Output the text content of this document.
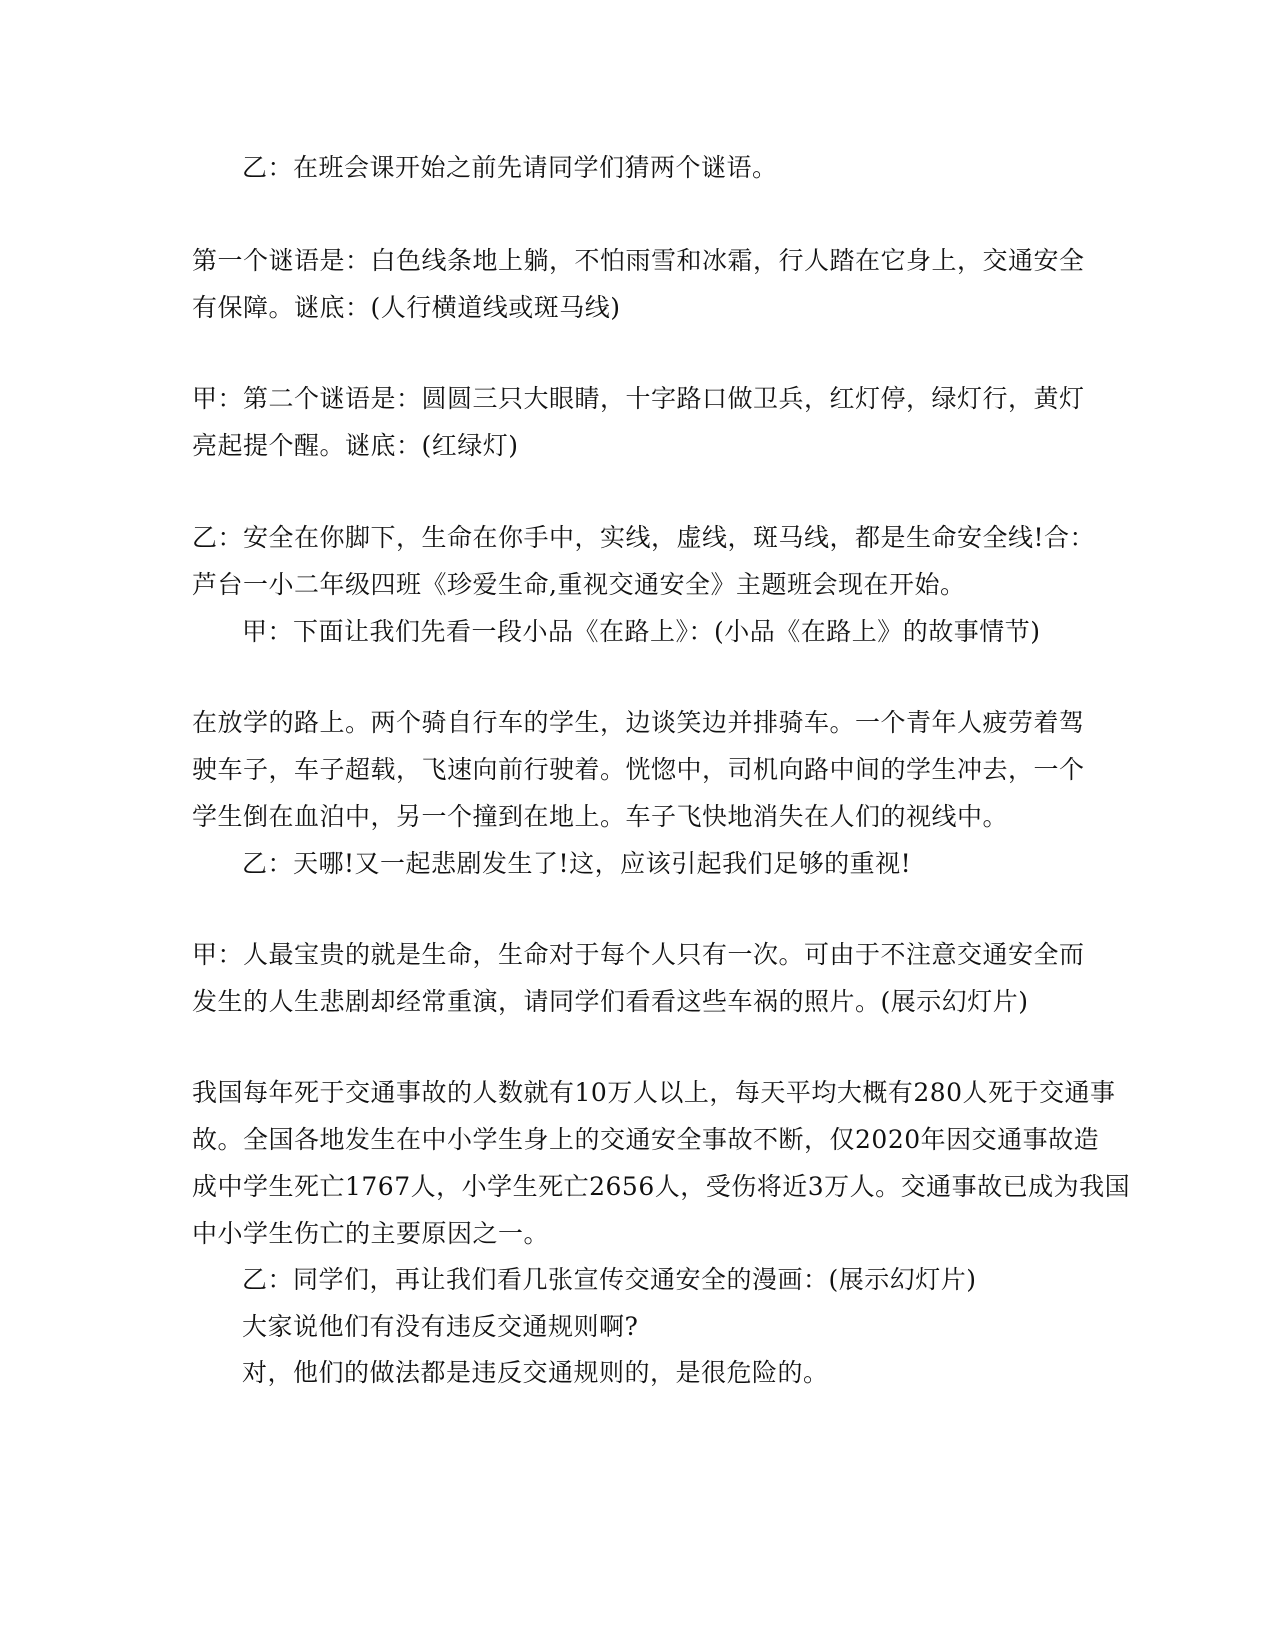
乙：在班会课开始之前先请同学们猜两个谜语。
第一个谜语是：白色线条地上躺，不怕雨雪和冰霜，行人踏在它身上，交通安全
有保障。谜底：(人行横道线或斑马线)
甲：第二个谜语是：圆圆三只大眼睛，十字路口做卫兵，红灯停，绿灯行，黄灯
亮起提个醒。谜底：(红绿灯)
乙：安全在你脚下，生命在你手中，实线，虚线，斑马线，都是生命安全线!合：
芦台一小二年级四班《珍爱生命,重视交通安全》主题班会现在开始。
甲：下面让我们先看一段小品《在路上》：(小品《在路上》的故事情节)
在放学的路上。两个骑自行车的学生，边谈笑边并排骑车。一个青年人疲劳着驾
驶车子，车子超载，飞速向前行驶着。恍惚中，司机向路中间的学生冲去，一个
学生倒在血泊中，另一个撞到在地上。车子飞快地消失在人们的视线中。
乙：天哪!又一起悲剧发生了!这，应该引起我们足够的重视!
甲：人最宝贵的就是生命，生命对于每个人只有一次。可由于不注意交通安全而
发生的人生悲剧却经常重演，请同学们看看这些车祸的照片。(展示幻灯片)
我国每年死于交通事故的人数就有10万人以上，每天平均大概有280人死于交通事
故。全国各地发生在中小学生身上的交通安全事故不断，仅2020年因交通事故造
成中学生死亡1767人，小学生死亡2656人，受伤将近3万人。交通事故已成为我国
中小学生伤亡的主要原因之一。
乙：同学们，再让我们看几张宣传交通安全的漫画：(展示幻灯片)
大家说他们有没有违反交通规则啊?
对，他们的做法都是违反交通规则的，是很危险的。
